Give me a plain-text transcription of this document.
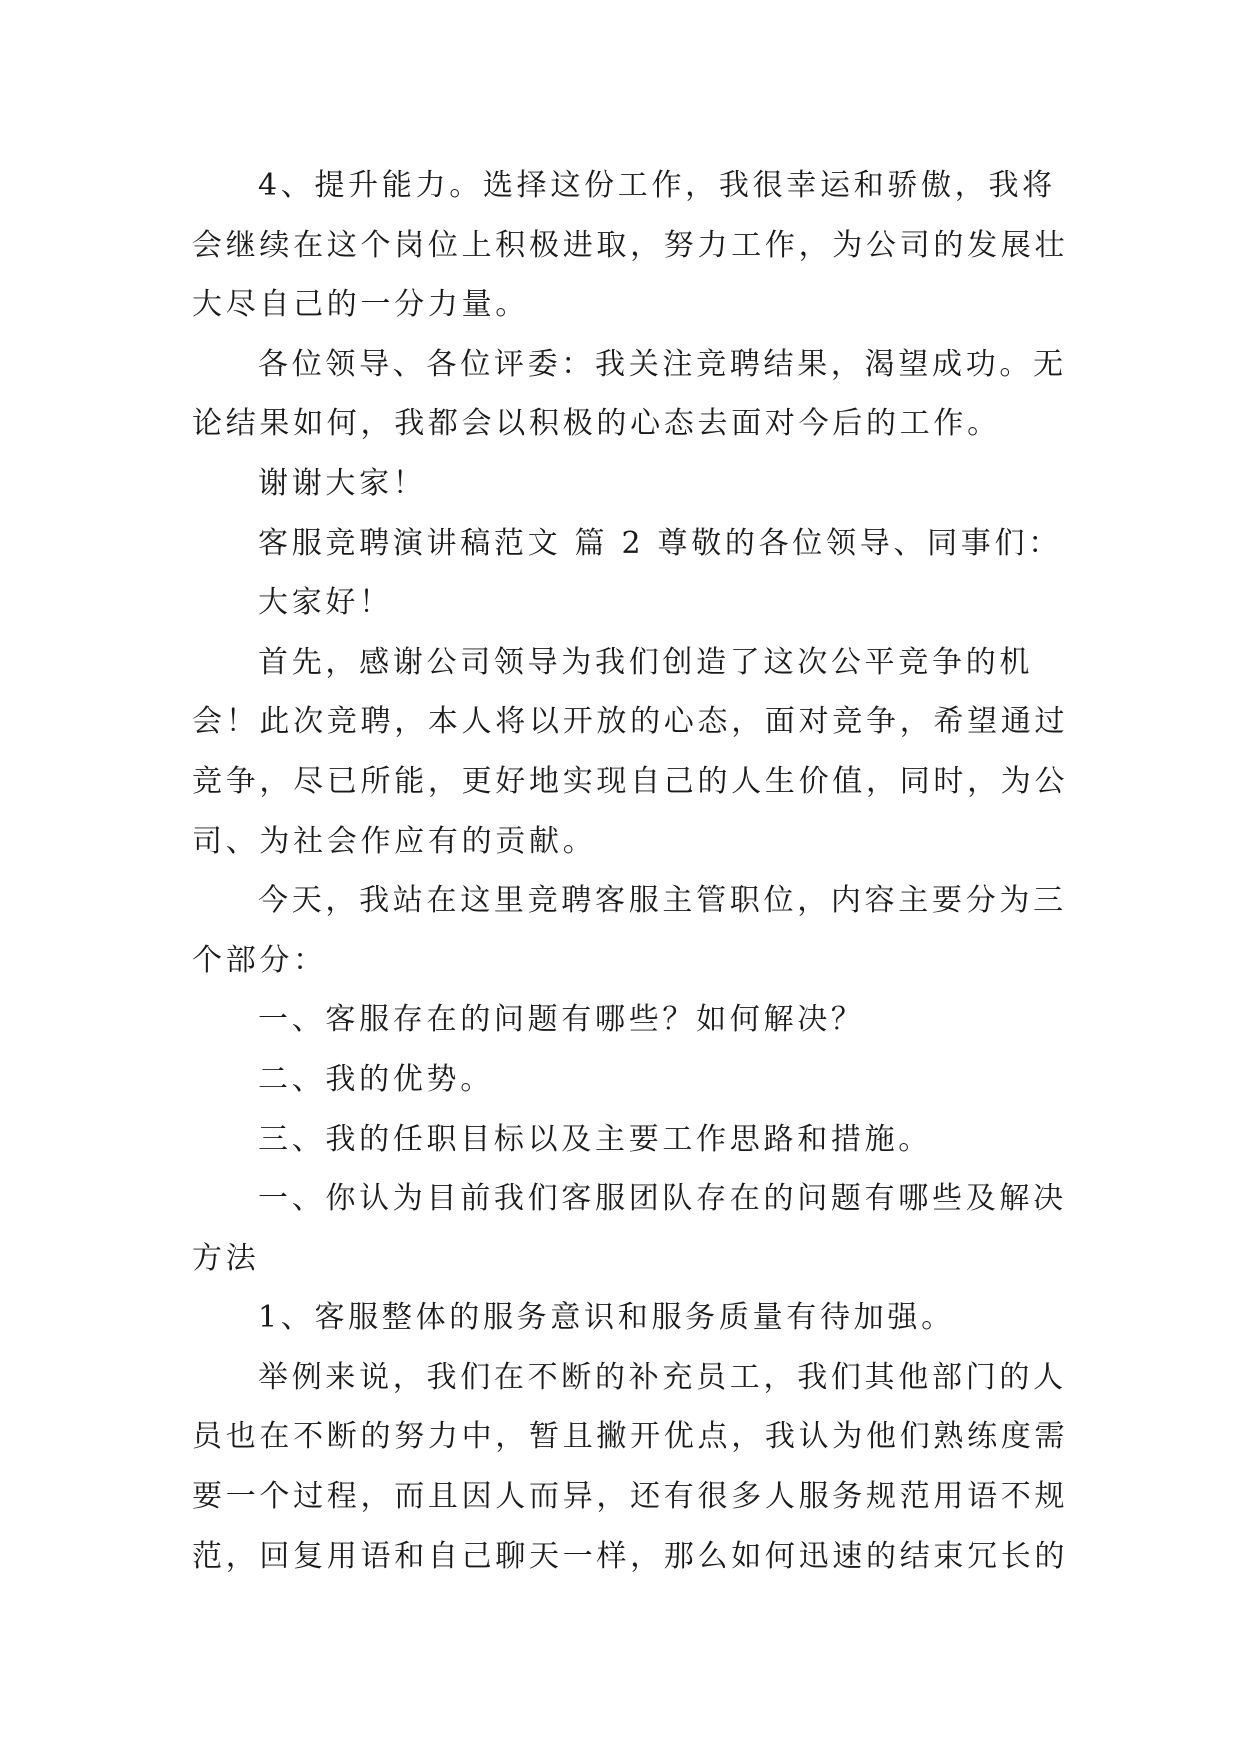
4、提升能力。选择这份工作，我很幸运和骄傲，我将
会继续在这个岗位上积极进取，努力工作，为公司的发展壮
大尽自己的一分力量。
各位领导、各位评委：我关注竞聘结果，渴望成功。无
论结果如何，我都会以积极的心态去面对今后的工作。
谢谢大家！
客服竞聘演讲稿范文 篇 2 尊敬的各位领导、同事们：
大家好！
首先，感谢公司领导为我们创造了这次公平竞争的机
会！此次竞聘，本人将以开放的心态，面对竞争，希望通过
竞争，尽已所能，更好地实现自己的人生价值，同时，为公
司、为社会作应有的贡献。
今天，我站在这里竞聘客服主管职位，内容主要分为三
个部分：
一、客服存在的问题有哪些？如何解决？
二、我的优势。
三、我的任职目标以及主要工作思路和措施。
一、你认为目前我们客服团队存在的问题有哪些及解决
方法
1、客服整体的服务意识和服务质量有待加强。
举例来说，我们在不断的补充员工，我们其他部门的人
员也在不断的努力中，暂且撇开优点，我认为他们熟练度需
要一个过程，而且因人而异，还有很多人服务规范用语不规
范，回复用语和自己聊天一样，那么如何迅速的结束冗长的
